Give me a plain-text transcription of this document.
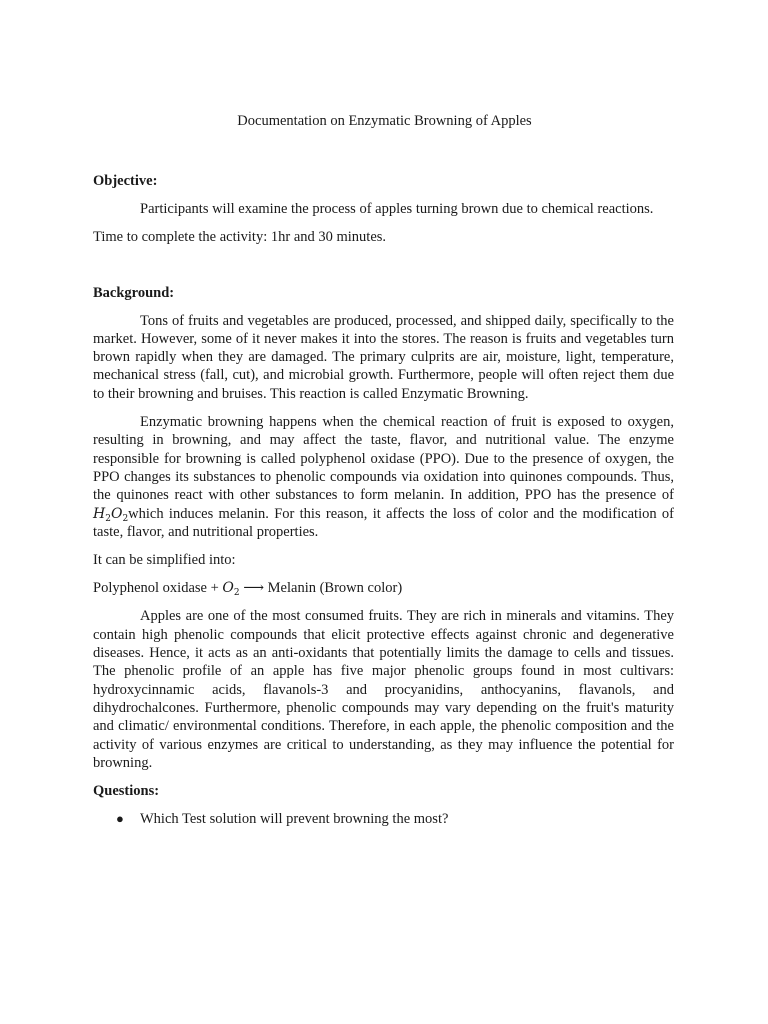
Documentation on Enzymatic Browning of Apples
Objective:

Participants will examine the process of apples turning brown due to chemical reactions.

Time to complete the activity: 1hr and 30 minutes.

Background:

Tons of fruits and vegetables are produced, processed, and shipped daily, specifically to the market. However, some of it never makes it into the stores. The reason is fruits and vegetables turn brown rapidly when they are damaged. The primary culprits are air, moisture, light, temperature, mechanical stress (fall, cut), and microbial growth. Furthermore, people will often reject them due to their browning and bruises. This reaction is called Enzymatic Browning.

Enzymatic browning happens when the chemical reaction of fruit is exposed to oxygen, resulting in browning, and may affect the taste, flavor, and nutritional value. The enzyme responsible for browning is called polyphenol oxidase (PPO). Due to the presence of oxygen, the PPO changes its substances to phenolic compounds via oxidation into quinones compounds. Thus, the quinones react with other substances to form melanin. In addition, PPO has the presence of $H_2O_2which$ induces melanin. For this reason, it affects the loss of color and the modification of taste, flavor, and nutritional properties.

It can be simplified into:

Polyphenol oxidase + $O_2$ ⟶ Melanin (Brown color)

Apples are one of the most consumed fruits. They are rich in minerals and vitamins. They contain high phenolic compounds that elicit protective effects against chronic and degenerative diseases. Hence, it acts as an anti-oxidants that potentially limits the damage to cells and tissues. The phenolic profile of an apple has five major phenolic groups found in most cultivars: hydroxycinnamic acids, flavanols-3 and procyanidins, anthocyanins, flavanols, and dihydrochalcones. Furthermore, phenolic compounds may vary depending on the fruit's maturity and climatic/ environmental conditions. Therefore, in each apple, the phenolic composition and the activity of various enzymes are critical to understanding, as they may influence the potential for browning.

Questions:
● Which Test solution will prevent browning the most?
